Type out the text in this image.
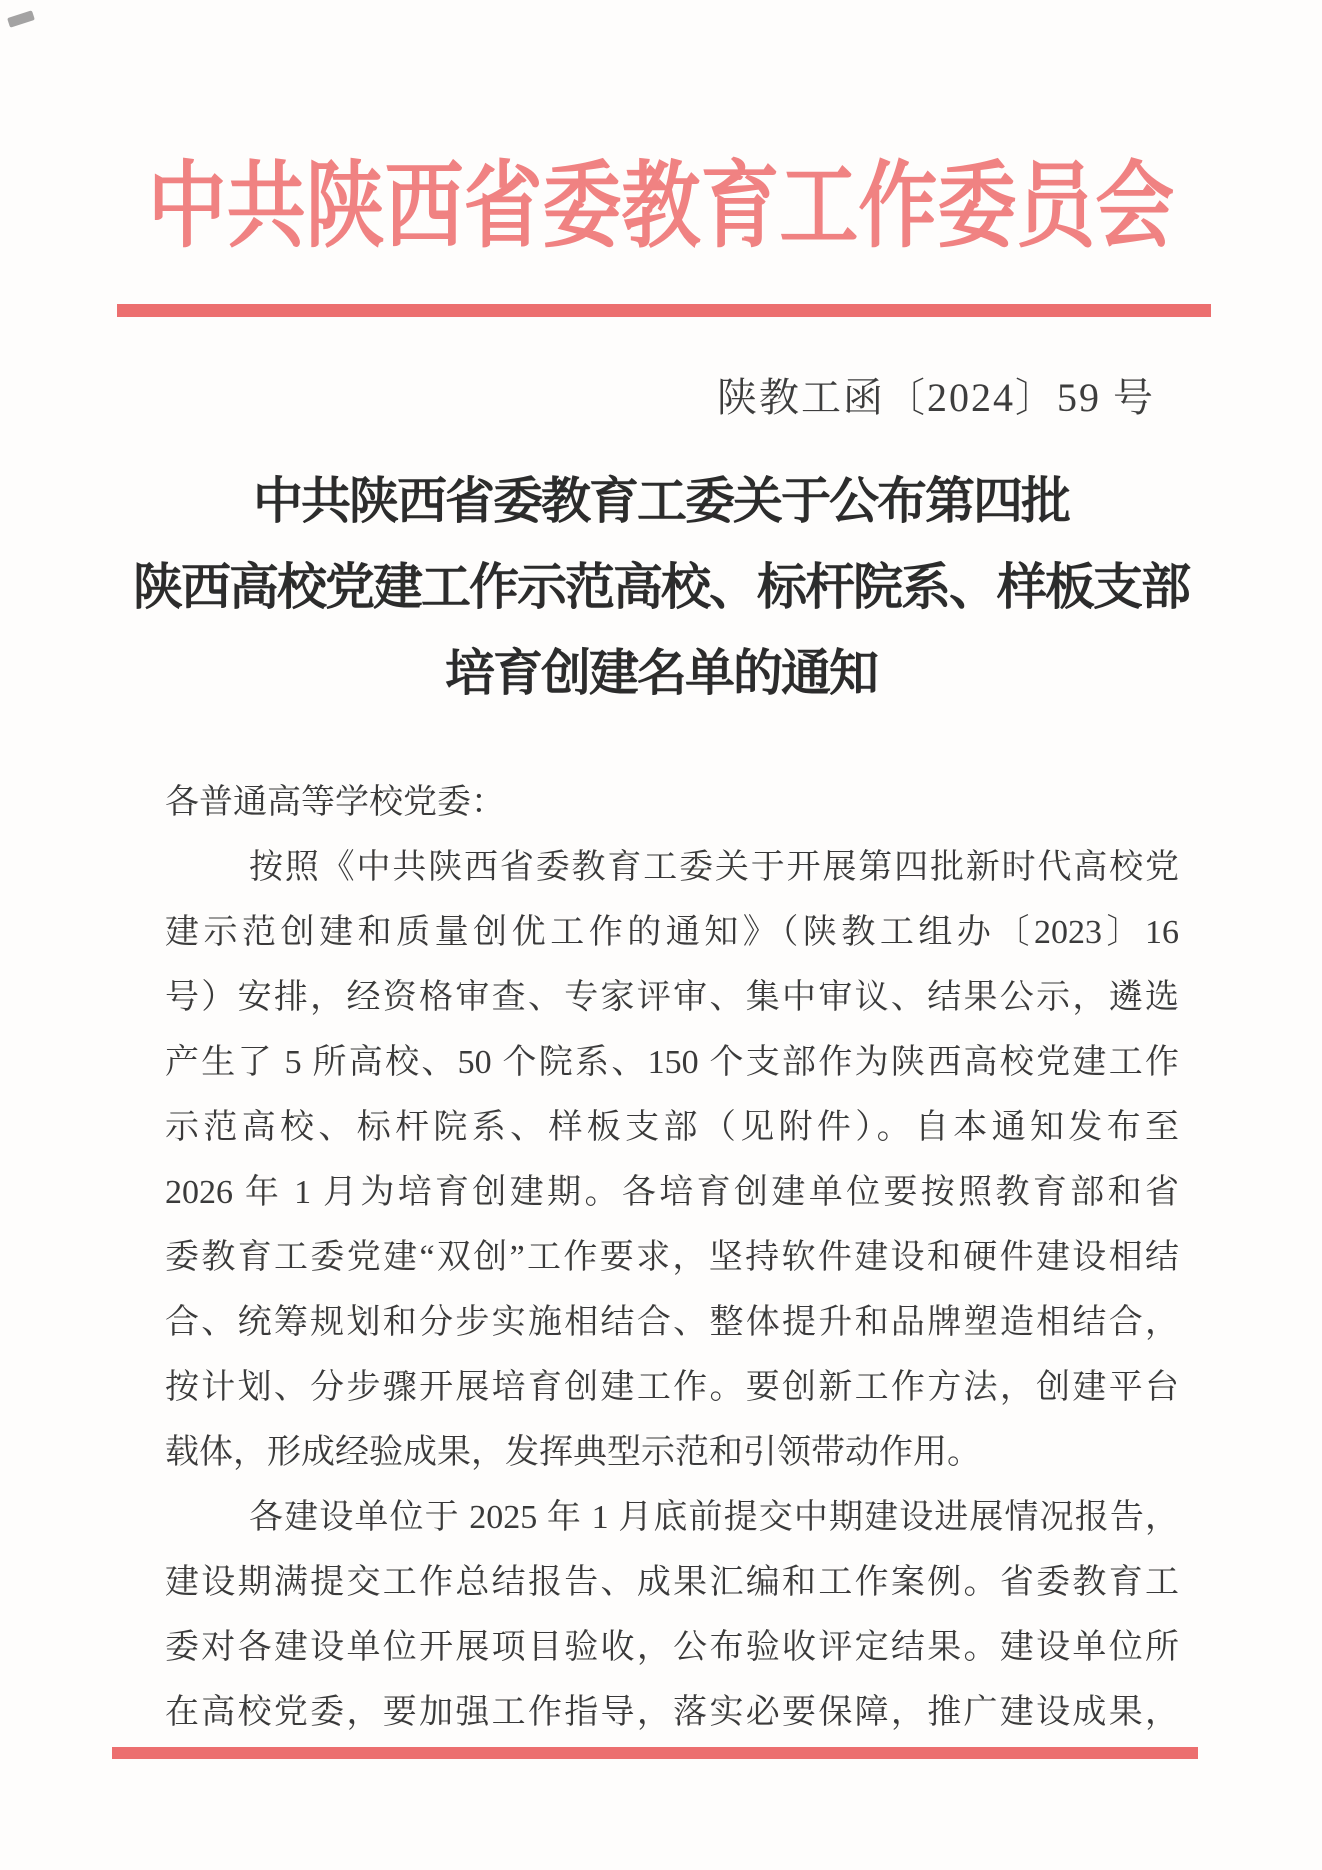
中共陕西省委教育工作委员会
陕教工函〔2024〕59 号
中共陕西省委教育工委关于公布第四批
陕西高校党建工作示范高校、标杆院系、样板支部
培育创建名单的通知
各普通高等学校党委：
按照《中共陕西省委教育工委关于开展第四批新时代高校党
建示范创建和质量创优工作的通知》（陕教工组办〔2023〕16
号）安排，经资格审查、专家评审、集中审议、结果公示，遴选
产生了 5 所高校、50 个院系、150 个支部作为陕西高校党建工作
示范高校、标杆院系、样板支部（见附件）。自本通知发布至
2026 年 1 月为培育创建期。各培育创建单位要按照教育部和省
委教育工委党建“双创”工作要求，坚持软件建设和硬件建设相结
合、统筹规划和分步实施相结合、整体提升和品牌塑造相结合，
按计划、分步骤开展培育创建工作。要创新工作方法，创建平台
载体，形成经验成果，发挥典型示范和引领带动作用。
各建设单位于 2025 年 1 月底前提交中期建设进展情况报告，
建设期满提交工作总结报告、成果汇编和工作案例。省委教育工
委对各建设单位开展项目验收，公布验收评定结果。建设单位所
在高校党委，要加强工作指导，落实必要保障，推广建设成果，
